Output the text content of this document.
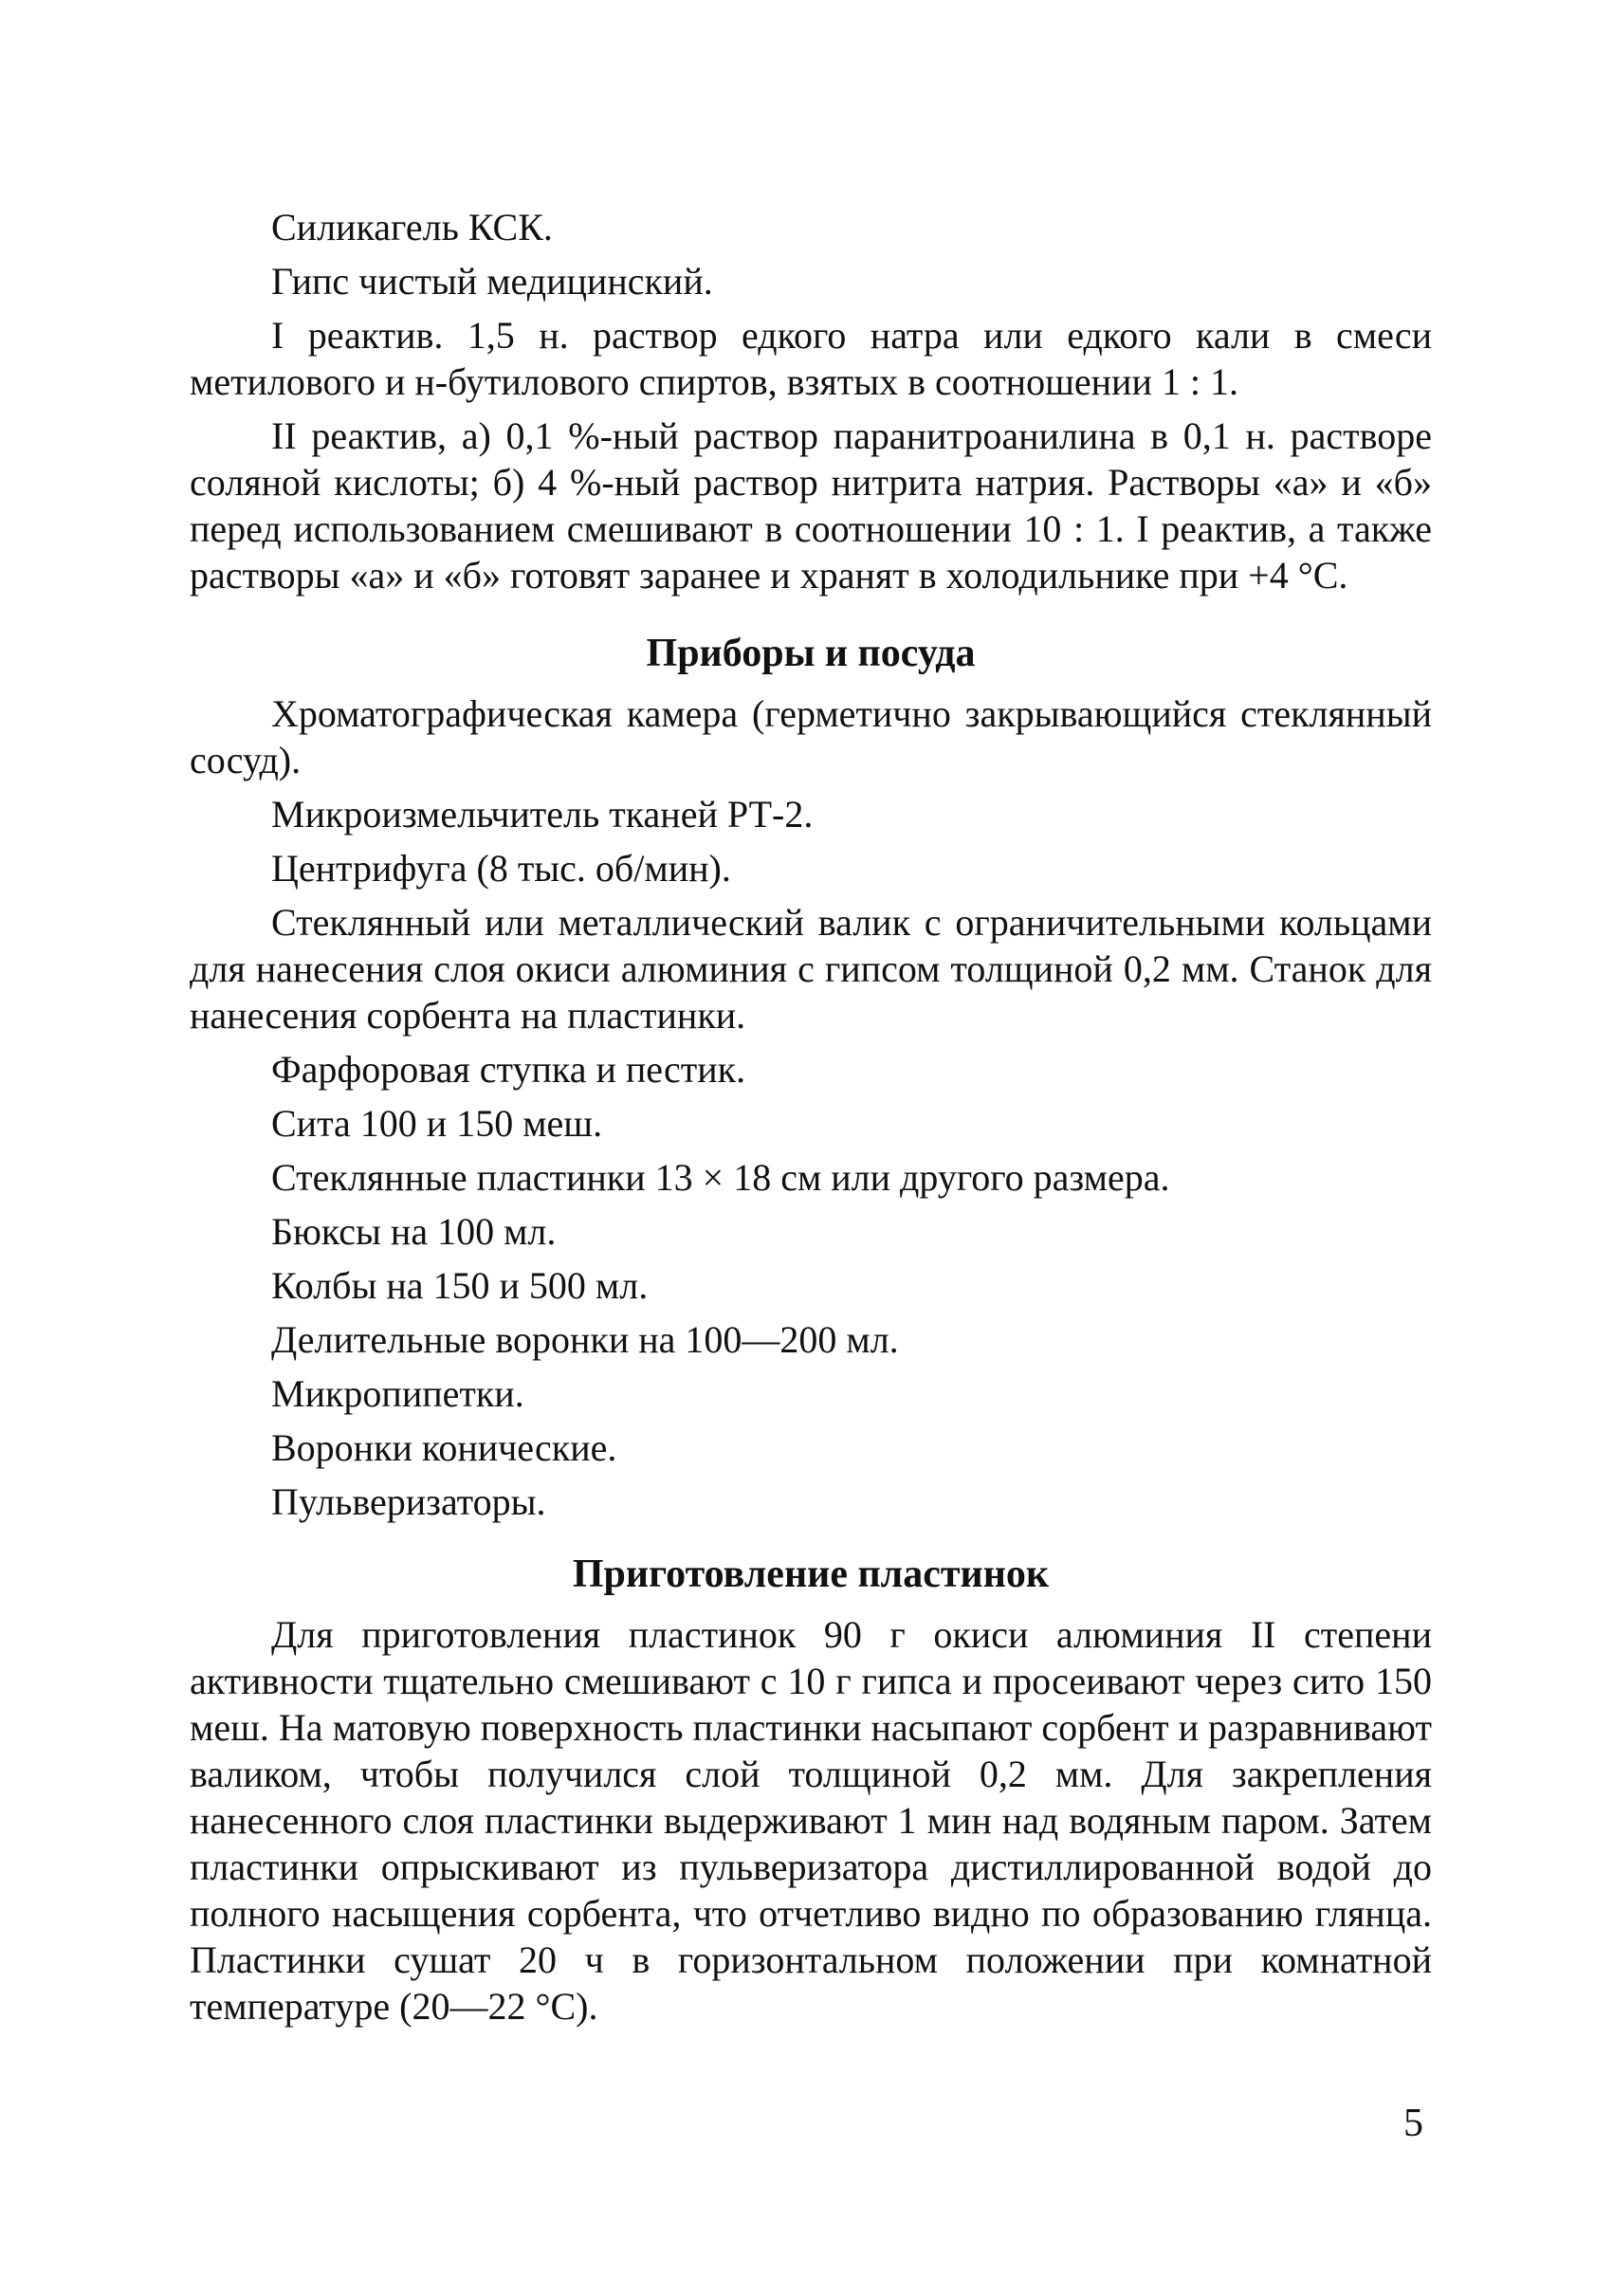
Силикагель КСК.

Гипс чистый медицинский.

I реактив. 1,5 н. раствор едкого натра или едкого кали в смеси метилового и н-бутилового спиртов, взятых в соотношении 1 : 1.

II реактив, а) 0,1 %-ный раствор паранитроанилина в 0,1 н. растворе соляной кислоты; б) 4 %-ный раствор нитрита натрия. Растворы «а» и «б» перед использованием смешивают в соотношении 10 : 1. I реактив, а также растворы «а» и «б» готовят заранее и хранят в холодильнике при +4 °С.

Приборы и посуда

Хроматографическая камера (герметично закрывающийся стеклянный сосуд).

Микроизмельчитель тканей РТ-2.

Центрифуга (8 тыс. об/мин).

Стеклянный или металлический валик с ограничительными кольцами для нанесения слоя окиси алюминия с гипсом толщиной 0,2 мм. Станок для нанесения сорбента на пластинки.

Фарфоровая ступка и пестик.

Сита 100 и 150 меш.

Стеклянные пластинки 13 × 18 см или другого размера.

Бюксы на 100 мл.

Колбы на 150 и 500 мл.

Делительные воронки на 100—200 мл.

Микропипетки.

Воронки конические.

Пульверизаторы.

Приготовление пластинок

Для приготовления пластинок 90 г окиси алюминия II степени активности тщательно смешивают с 10 г гипса и просеивают через сито 150 меш. На матовую поверхность пластинки насыпают сорбент и разравнивают валиком, чтобы получился слой толщиной 0,2 мм. Для закрепления нанесенного слоя пластинки выдерживают 1 мин над водяным паром. Затем пластинки опрыскивают из пульверизатора дистиллированной водой до полного насыщения сорбента, что отчетливо видно по образованию глянца. Пластинки сушат 20 ч в горизонтальном положении при комнатной температуре (20—22 °С).

5
